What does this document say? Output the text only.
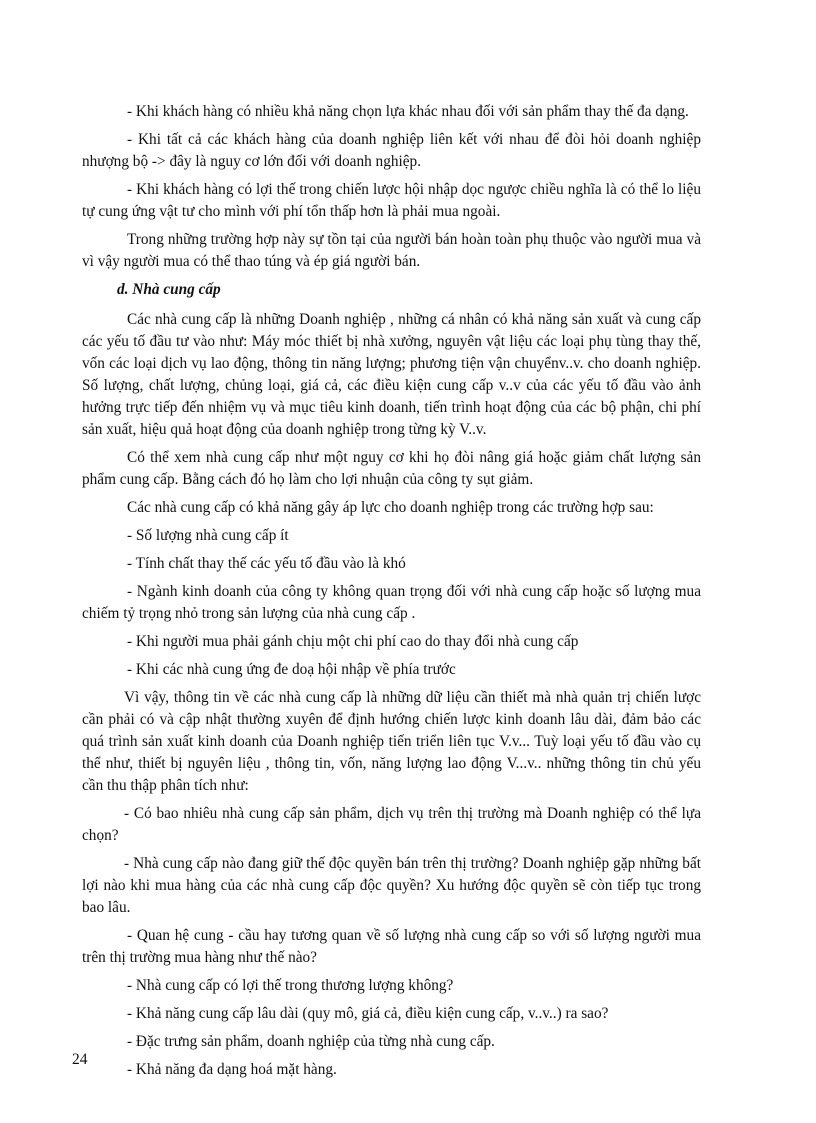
- Khi khách hàng có nhiều khả năng chọn lựa khác nhau đối với sản phẩm thay thế đa dạng.

- Khi tất cả các khách hàng của doanh nghiệp liên kết với nhau để đòi hỏi doanh nghiệp nhượng bộ -> đây là nguy cơ lớn đối với doanh nghiệp.

- Khi khách hàng có lợi thế trong chiến lược hội nhập dọc ngược chiều nghĩa là có thể lo liệu tự cung ứng vật tư cho mình với phí tổn thấp hơn là phải mua ngoài.

Trong những trường hợp này sự tồn tại của người bán hoàn toàn phụ thuộc vào người mua và vì vậy người mua có thể thao túng và ép giá người bán.

d. Nhà cung cấp

Các nhà cung cấp là những Doanh nghiệp , những cá nhân có khả năng sản xuất và cung cấp các yếu tố đầu tư vào như: Máy móc thiết bị nhà xưởng, nguyên vật liệu các loại phụ tùng thay thế, vốn các loại dịch vụ lao động, thông tin năng lượng; phương tiện vận chuyểnv..v. cho doanh nghiệp. Số lượng, chất lượng, chủng loại, giá cả, các điều kiện cung cấp v..v của các yếu tố đầu vào ảnh hưởng trực tiếp đến nhiệm vụ và mục tiêu kinh doanh, tiến trình hoạt động của các bộ phận, chi phí sản xuất, hiệu quả hoạt động của doanh nghiệp trong từng kỳ V..v.

Có thể xem nhà cung cấp như một nguy cơ khi họ đòi nâng giá hoặc giảm chất lượng sản phẩm cung cấp. Bằng cách đó họ làm cho lợi nhuận của công ty sụt giảm.

Các nhà cung cấp có khả năng gây áp lực cho doanh nghiệp trong các trường hợp sau:

- Số lượng nhà cung cấp ít

- Tính chất thay thế các yếu tố đầu vào là khó

- Ngành kinh doanh của công ty không quan trọng đối với nhà cung cấp hoặc số lượng mua chiếm tỷ trọng nhỏ trong sản lượng của nhà cung cấp .

- Khi người mua phải gánh chịu một chi phí cao do thay đổi nhà cung cấp

- Khi các nhà cung ứng đe doạ hội nhập về phía trước

Vì vậy, thông tin về các nhà cung cấp là những dữ liệu cần thiết mà nhà quản trị chiến lược cần phải có và cập nhật thường xuyên để định hướng chiến lược kinh doanh lâu dài, đảm bảo các quá trình sản xuất kinh doanh của Doanh nghiệp tiến triển liên tục V.v... Tuỳ loại yếu tố đầu vào cụ thể như, thiết bị nguyên liệu , thông tin, vốn, năng lượng lao động V...v.. những thông tin chủ yếu cần thu thập phân tích như:

- Có bao nhiêu nhà cung cấp sản phẩm, dịch vụ trên thị trường mà Doanh nghiệp có thể lựa chọn?

- Nhà cung cấp nào đang giữ thế độc quyền bán trên thị trường? Doanh nghiệp gặp những bất lợi nào khi mua hàng của các nhà cung cấp độc quyền? Xu hướng độc quyền sẽ còn tiếp tục trong bao lâu.

- Quan hệ cung - cầu hay tương quan về số lượng nhà cung cấp so với số lượng người mua trên thị trường mua hàng như thế nào?

- Nhà cung cấp có lợi thế trong thương lượng không?

- Khả năng cung cấp lâu dài (quy mô, giá cả, điều kiện cung cấp, v..v..) ra sao?

- Đặc trưng sản phẩm, doanh nghiệp của từng nhà cung cấp.

- Khả năng đa dạng hoá mặt hàng.

24
